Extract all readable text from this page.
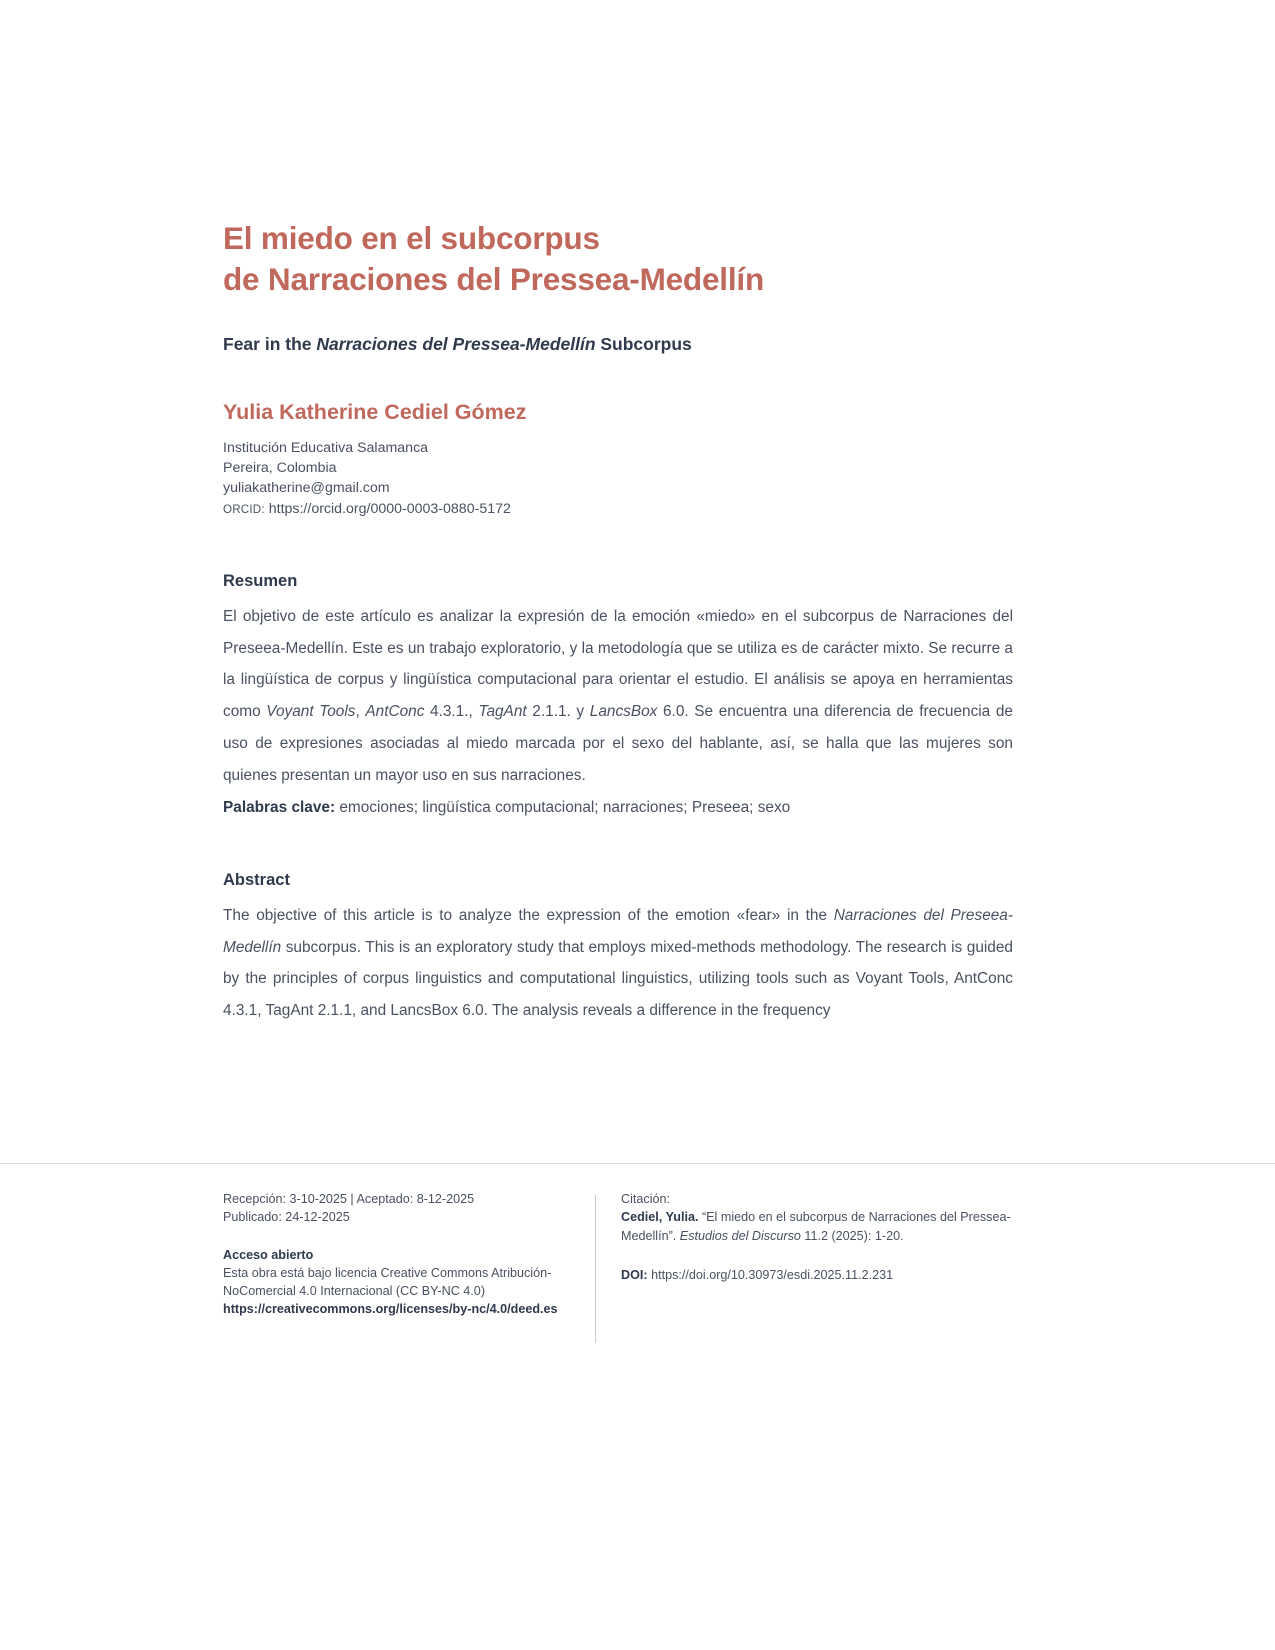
El miedo en el subcorpus
de Narraciones del Pressea-Medellín

Fear in the Narraciones del Pressea-Medellín Subcorpus

Yulia Katherine Cediel Gómez

Institución Educativa Salamanca
Pereira, Colombia
yuliakatherine@gmail.com
ORCID: https://orcid.org/0000-0003-0880-5172
Resumen

El objetivo de este artículo es analizar la expresión de la emoción «miedo» en el subcorpus de Narraciones del Preseea-Medellín. Este es un trabajo exploratorio, y la metodología que se utiliza es de carácter mixto. Se recurre a la lingüística de corpus y lingüística computacional para orientar el estudio. El análisis se apoya en herramientas como Voyant Tools, AntConc 4.3.1., TagAnt 2.1.1. y LancsBox 6.0. Se encuentra una diferencia de frecuencia de uso de expresiones asociadas al miedo marcada por el sexo del hablante, así, se halla que las mujeres son quienes presentan un mayor uso en sus narraciones.

Palabras clave: emociones; lingüística computacional; narraciones; Preseea; sexo

Abstract

The objective of this article is to analyze the expression of the emotion «fear» in the Narraciones del Preseea-Medellín subcorpus. This is an exploratory study that employs mixed-methods methodology. The research is guided by the principles of corpus linguistics and computational linguistics, utilizing tools such as Voyant Tools, AntConc 4.3.1, TagAnt 2.1.1, and LancsBox 6.0. The analysis reveals a difference in the frequency

Recepción: 3-10-2025 | Aceptado: 8-12-2025
Publicado: 24-12-2025

Acceso abierto

Esta obra está bajo licencia Creative Commons Atribución-NoComercial 4.0 Internacional (CC BY-NC 4.0) https://creativecommons.org/licenses/by-nc/4.0/deed.es

Citación:

Cediel, Yulia. “El miedo en el subcorpus de Narraciones del Pressea-Medellín”. Estudios del Discurso 11.2 (2025): 1-20.

DOI: https://doi.org/10.30973/esdi.2025.11.2.231
